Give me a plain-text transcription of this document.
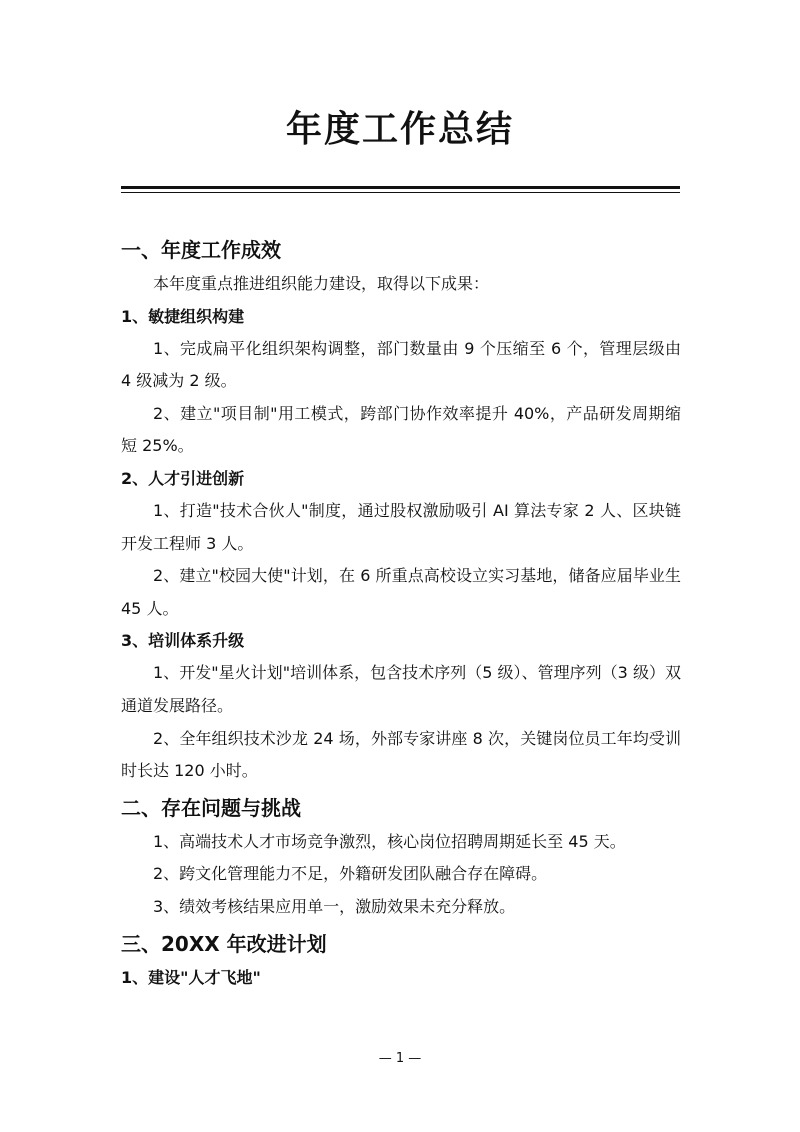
年度工作总结
一、年度工作成效
本年度重点推进组织能力建设，取得以下成果：
1、敏捷组织构建
1、完成扁平化组织架构调整，部门数量由 9 个压缩至 6 个，管理层级由 4 级减为 2 级。
2、建立"项目制"用工模式，跨部门协作效率提升 40%，产品研发周期缩短 25%。
2、人才引进创新
1、打造"技术合伙人"制度，通过股权激励吸引 AI 算法专家 2 人、区块链开发工程师 3 人。
2、建立"校园大使"计划，在 6 所重点高校设立实习基地，储备应届毕业生 45 人。
3、培训体系升级
1、开发"星火计划"培训体系，包含技术序列（5 级）、管理序列（3 级）双通道发展路径。
2、全年组织技术沙龙 24 场，外部专家讲座 8 次，关键岗位员工年均受训时长达 120 小时。
二、存在问题与挑战
1、高端技术人才市场竞争激烈，核心岗位招聘周期延长至 45 天。
2、跨文化管理能力不足，外籍研发团队融合存在障碍。
3、绩效考核结果应用单一，激励效果未充分释放。
三、20XX 年改进计划
1、建设"人才飞地"
— 1 —
